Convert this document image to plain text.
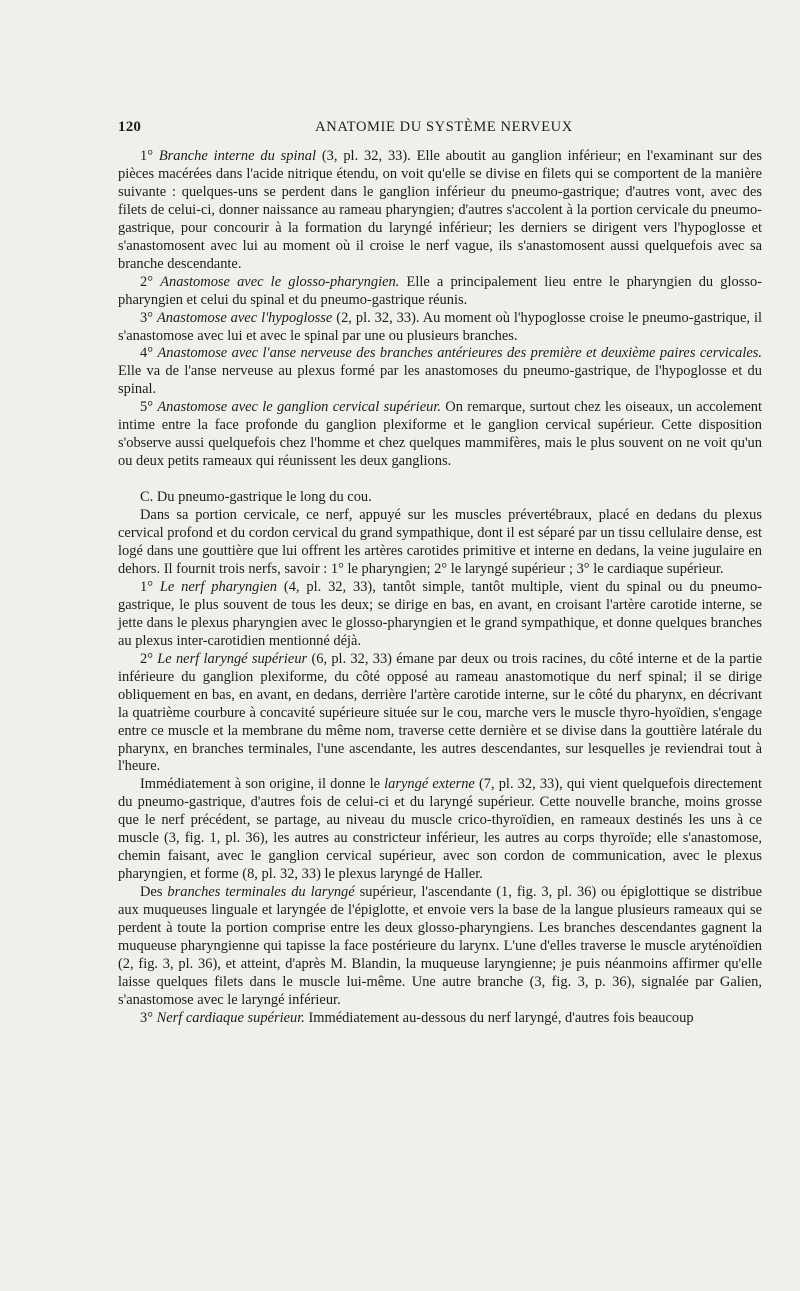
120	ANATOMIE DU SYSTÈME NERVEUX

1° Branche interne du spinal (3, pl. 32, 33). Elle aboutit au ganglion inférieur; en l'examinant sur des pièces macérées dans l'acide nitrique étendu, on voit qu'elle se divise en filets qui se comportent de la manière suivante : quelques-uns se perdent dans le ganglion inférieur du pneumo-gastrique; d'autres vont, avec des filets de celui-ci, donner naissance au rameau pharyngien; d'autres s'accolent à la portion cervicale du pneumo-gastrique, pour concourir à la formation du laryngé inférieur; les derniers se dirigent vers l'hypoglosse et s'anastomosent avec lui au moment où il croise le nerf vague, ils s'anastomosent aussi quelquefois avec sa branche descendante.

2° Anastomose avec le glosso-pharyngien. Elle a principalement lieu entre le pharyngien du glosso-pharyngien et celui du spinal et du pneumo-gastrique réunis.

3° Anastomose avec l'hypoglosse (2, pl. 32, 33). Au moment où l'hypoglosse croise le pneumo-gastrique, il s'anastomose avec lui et avec le spinal par une ou plusieurs branches.

4° Anastomose avec l'anse nerveuse des branches antérieures des première et deuxième paires cervicales. Elle va de l'anse nerveuse au plexus formé par les anastomoses du pneumo-gastrique, de l'hypoglosse et du spinal.

5° Anastomose avec le ganglion cervical supérieur. On remarque, surtout chez les oiseaux, un accolement intime entre la face profonde du ganglion plexiforme et le ganglion cervical supérieur. Cette disposition s'observe aussi quelquefois chez l'homme et chez quelques mammifères, mais le plus souvent on ne voit qu'un ou deux petits rameaux qui réunissent les deux ganglions.

C. Du pneumo-gastrique le long du cou.

Dans sa portion cervicale, ce nerf, appuyé sur les muscles prévertébraux, placé en dedans du plexus cervical profond et du cordon cervical du grand sympathique, dont il est séparé par un tissu cellulaire dense, est logé dans une gouttière que lui offrent les artères carotides primitive et interne en dedans, la veine jugulaire en dehors. Il fournit trois nerfs, savoir : 1° le pharyngien; 2° le laryngé supérieur ; 3° le cardiaque supérieur.

1° Le nerf pharyngien (4, pl. 32, 33), tantôt simple, tantôt multiple, vient du spinal ou du pneumo-gastrique, le plus souvent de tous les deux; se dirige en bas, en avant, en croisant l'artère carotide interne, se jette dans le plexus pharyngien avec le glosso-pharyngien et le grand sympathique, et donne quelques branches au plexus inter-carotidien mentionné déjà.

2° Le nerf laryngé supérieur (6, pl. 32, 33) émane par deux ou trois racines, du côté interne et de la partie inférieure du ganglion plexiforme, du côté opposé au rameau anastomotique du nerf spinal; il se dirige obliquement en bas, en avant, en dedans, derrière l'artère carotide interne, sur le côté du pharynx, en décrivant la quatrième courbure à concavité supérieure située sur le cou, marche vers le muscle thyro-hyoïdien, s'engage entre ce muscle et la membrane du même nom, traverse cette dernière et se divise dans la gouttière latérale du pharynx, en branches terminales, l'une ascendante, les autres descendantes, sur lesquelles je reviendrai tout à l'heure.

Immédiatement à son origine, il donne le laryngé externe (7, pl. 32, 33), qui vient quelquefois directement du pneumo-gastrique, d'autres fois de celui-ci et du laryngé supérieur. Cette nouvelle branche, moins grosse que le nerf précédent, se partage, au niveau du muscle crico-thyroïdien, en rameaux destinés les uns à ce muscle (3, fig. 1, pl. 36), les autres au constricteur inférieur, les autres au corps thyroïde; elle s'anastomose, chemin faisant, avec le ganglion cervical supérieur, avec son cordon de communication, avec le plexus pharyngien, et forme (8, pl. 32, 33) le plexus laryngé de Haller.

Des branches terminales du laryngé supérieur, l'ascendante (1, fig. 3, pl. 36) ou épiglottique se distribue aux muqueuses linguale et laryngée de l'épiglotte, et envoie vers la base de la langue plusieurs rameaux qui se perdent à toute la portion comprise entre les deux glosso-pharyngiens. Les branches descendantes gagnent la muqueuse pharyngienne qui tapisse la face postérieure du larynx. L'une d'elles traverse le muscle aryténoïdien (2, fig. 3, pl. 36), et atteint, d'après M. Blandin, la muqueuse laryngienne; je puis néanmoins affirmer qu'elle laisse quelques filets dans le muscle lui-même. Une autre branche (3, fig. 3, p. 36), signalée par Galien, s'anastomose avec le laryngé inférieur.

3° Nerf cardiaque supérieur. Immédiatement au-dessous du nerf laryngé, d'autres fois beaucoup
